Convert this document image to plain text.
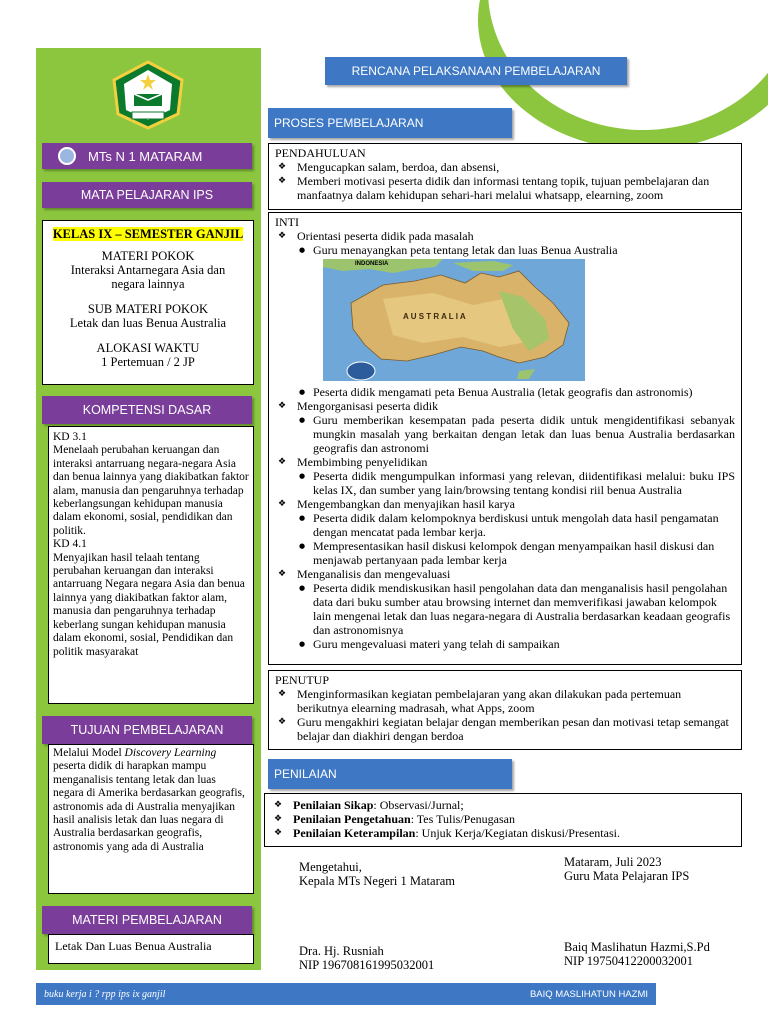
MTs N 1 MATARAM
MATA PELAJARAN IPS
KELAS IX – SEMESTER GANJIL
MATERI POKOK
Interaksi Antarnegara Asia dan
negara lainnya
SUB MATERI POKOK
Letak dan luas Benua Australia
ALOKASI WAKTU
1 Pertemuan / 2 JP
KOMPETENSI DASAR
KD 3.1
Menelaah perubahan keruangan dan interaksi antarruang negara-negara Asia dan benua lainnya yang diakibatkan faktor alam, manusia dan pengaruhnya terhadap keberlangsungan kehidupan manusia dalam ekonomi, sosial, pendidikan dan politik.
KD 4.1
Menyajikan hasil telaah tentang perubahan keruangan dan interaksi antarruang Negara negara Asia dan benua lainnya yang diakibatkan faktor alam, manusia dan pengaruhnya terhadap keberlang sungan kehidupan manusia dalam ekonomi, sosial, Pendidikan dan politik masyarakat
TUJUAN PEMBELAJARAN
Melalui Model Discovery Learning peserta didik di harapkan mampu menganalisis tentang letak dan luas negara di Amerika berdasarkan geografis, astronomis ada di Australia menyajikan hasil analisis letak dan luas negara di Australia berdasarkan geografis, astronomis yang ada di Australia
MATERI PEMBELAJARAN
Letak Dan Luas Benua Australia
RENCANA PELAKSANAAN PEMBELAJARAN
PROSES PEMBELAJARAN
PENDAHULUAN
❖ Mengucapkan salam, berdoa, dan absensi,
❖ Memberi motivasi peserta didik dan informasi tentang topik, tujuan pembelajaran dan manfaatnya dalam kehidupan sehari-hari melalui whatsapp, elearning, zoom
INTI
❖ Orientasi peserta didik pada masalah
● Guru menayangkan peta tentang letak dan luas Benua Australia
INDONESIA
A U S T R A L I A
● Peserta didik mengamati peta Benua Australia (letak geografis dan astronomis)
❖ Mengorganisasi peserta didik
● Guru memberikan kesempatan pada peserta didik untuk mengidentifikasi sebanyak mungkin masalah yang berkaitan dengan letak dan luas benua Australia berdasarkan geografis dan astronomi
❖ Membimbing penyelidikan
● Peserta didik mengumpulkan informasi yang relevan, diidentifikasi melalui: buku IPS kelas IX, dan sumber yang lain/browsing tentang kondisi riil benua Australia
❖ Mengembangkan dan menyajikan hasil karya
● Peserta didik dalam kelompoknya berdiskusi untuk mengolah data hasil pengamatan dengan mencatat pada lembar kerja.
● Mempresentasikan hasil diskusi kelompok dengan menyampaikan hasil diskusi dan menjawab pertanyaan pada lembar kerja
❖ Menganalisis dan mengevaluasi
● Peserta didik mendiskusikan hasil pengolahan data dan menganalisis hasil pengolahan data dari buku sumber atau browsing internet dan memverifikasi jawaban kelompok lain mengenai letak dan luas negara-negara di Australia berdasarkan keadaan geografis dan astronomisnya
● Guru mengevaluasi materi yang telah di sampaikan
PENUTUP
❖ Menginformasikan kegiatan pembelajaran yang akan dilakukan pada pertemuan berikutnya elearning madrasah, what Apps, zoom
❖ Guru mengakhiri kegiatan belajar dengan memberikan pesan dan motivasi tetap semangat belajar dan diakhiri dengan berdoa
PENILAIAN
❖ Penilaian Sikap: Observasi/Jurnal;
❖ Penilaian Pengetahuan: Tes Tulis/Penugasan
❖ Penilaian Keterampilan: Unjuk Kerja/Kegiatan diskusi/Presentasi.
Mengetahui,
Kepala MTs Negeri 1 Mataram
Dra. Hj. Rusniah
NIP 196708161995032001
Mataram, Juli 2023
Guru Mata Pelajaran IPS
Baiq Maslihatun Hazmi,S.Pd
NIP 19750412200032001
buku kerja i ? rpp ips ix ganjil	BAIQ MASLIHATUN HAZMI
